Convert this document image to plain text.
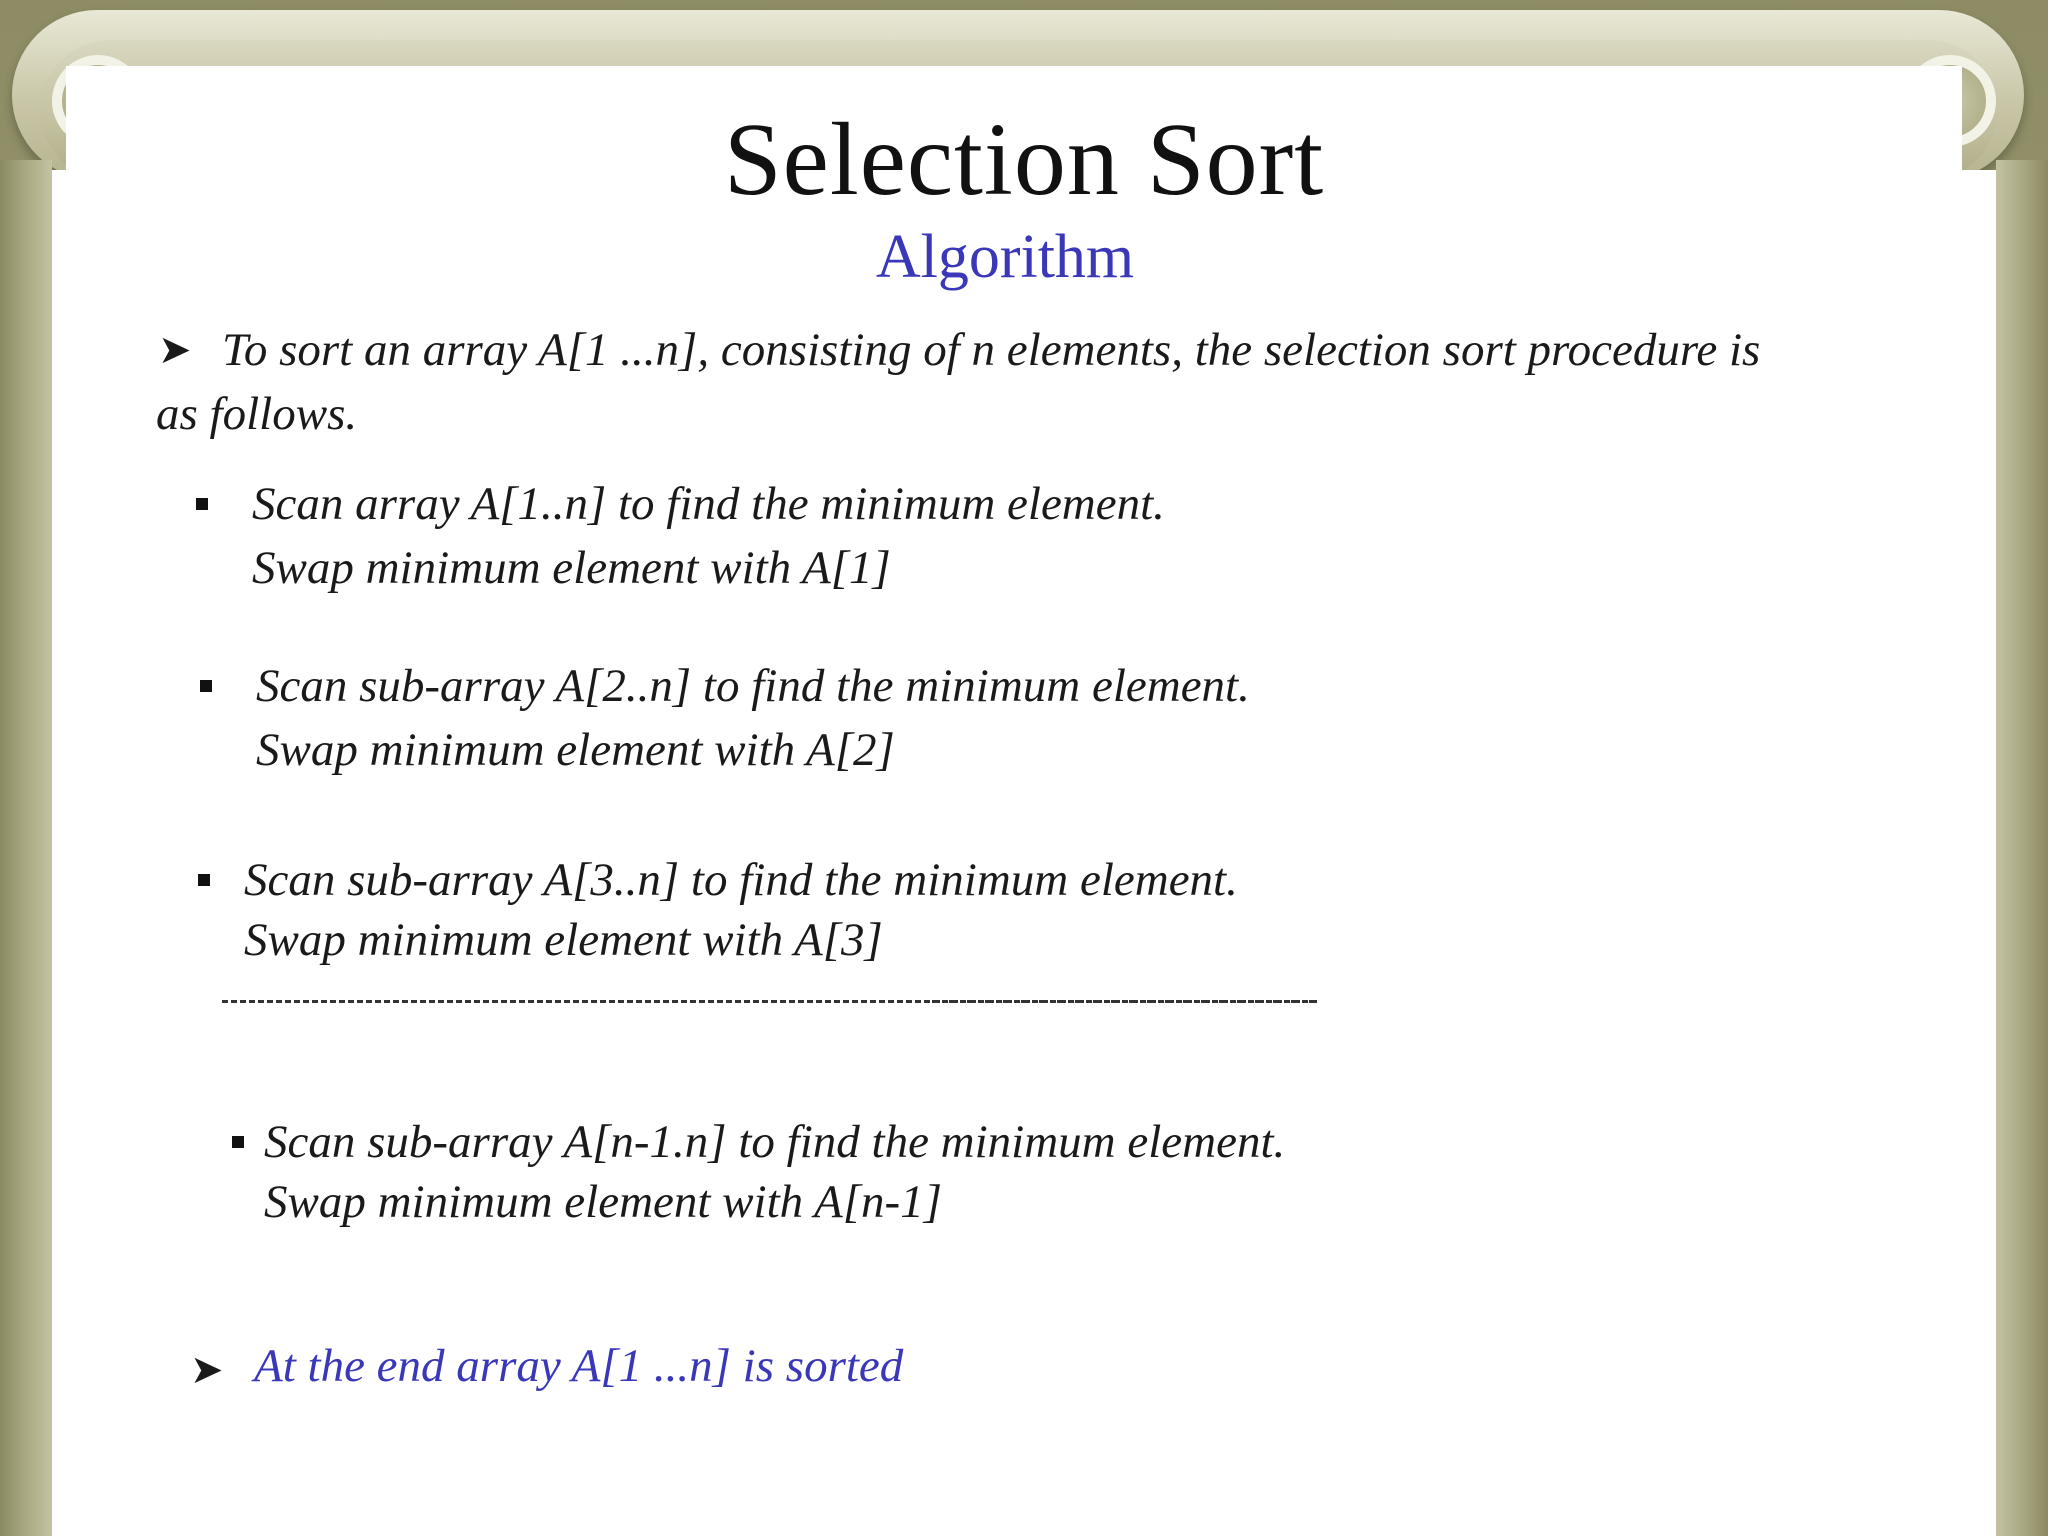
Selection Sort
Algorithm
➤ To sort an array A[1 ...n], consisting of n elements, the selection sort procedure is
as follows.
Scan array A[1..n] to find the minimum element.
Swap minimum element with A[1]
Scan sub-array A[2..n] to find the minimum element.
Swap minimum element with A[2]
Scan sub-array A[3..n] to find the minimum element.
Swap minimum element with A[3]
Scan sub-array A[n-1.n] to find the minimum element.
Swap minimum element with A[n-1]
➤ At the end array A[1 ...n] is sorted
